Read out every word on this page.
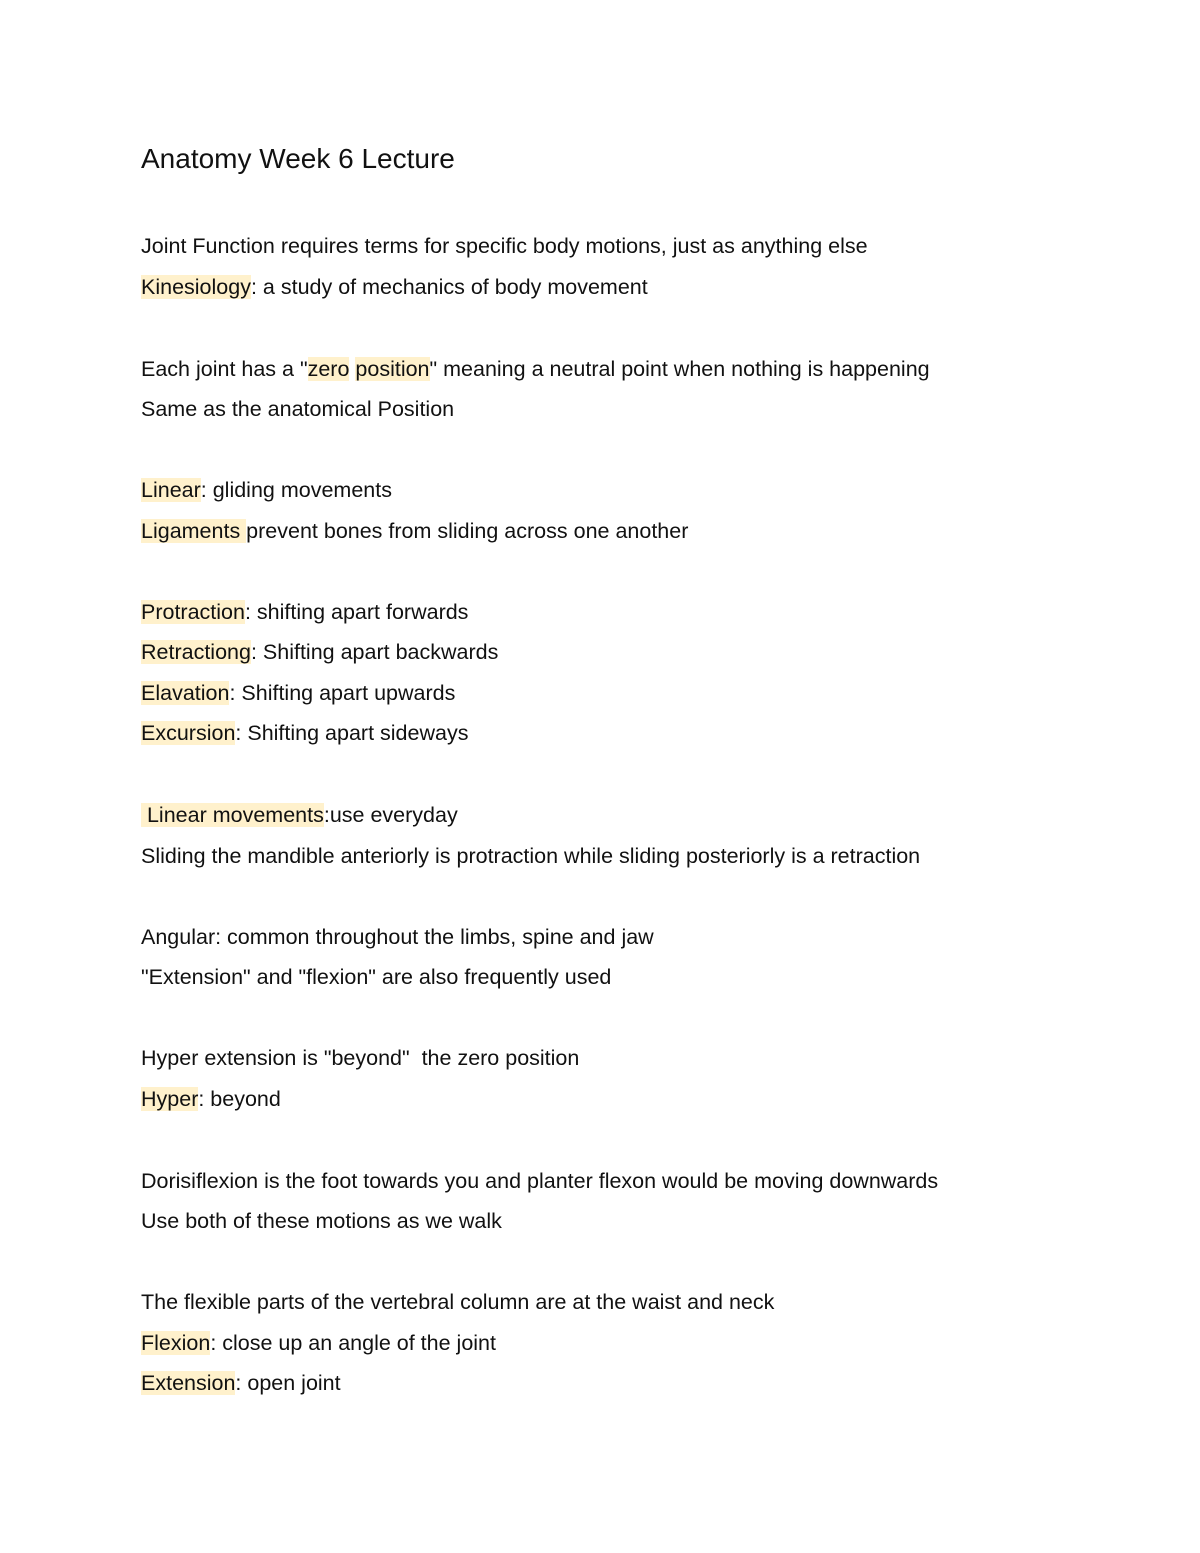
Anatomy Week 6 Lecture
Joint Function requires terms for specific body motions, just as anything else
Kinesiology: a study of mechanics of body movement
Each joint has a "zero position" meaning a neutral point when nothing is happening
Same as the anatomical Position
Linear: gliding movements
Ligaments prevent bones from sliding across one another
Protraction: shifting apart forwards
Retractiong: Shifting apart backwards
Elavation: Shifting apart upwards
Excursion: Shifting apart sideways
Linear movements:use everyday
Sliding the mandible anteriorly is protraction while sliding posteriorly is a retraction
Angular: common throughout the limbs, spine and jaw
"Extension" and "flexion" are also frequently used
Hyper extension is "beyond"  the zero position
Hyper: beyond
Dorisiflexion is the foot towards you and planter flexon would be moving downwards
Use both of these motions as we walk
The flexible parts of the vertebral column are at the waist and neck
Flexion: close up an angle of the joint
Extension: open joint
